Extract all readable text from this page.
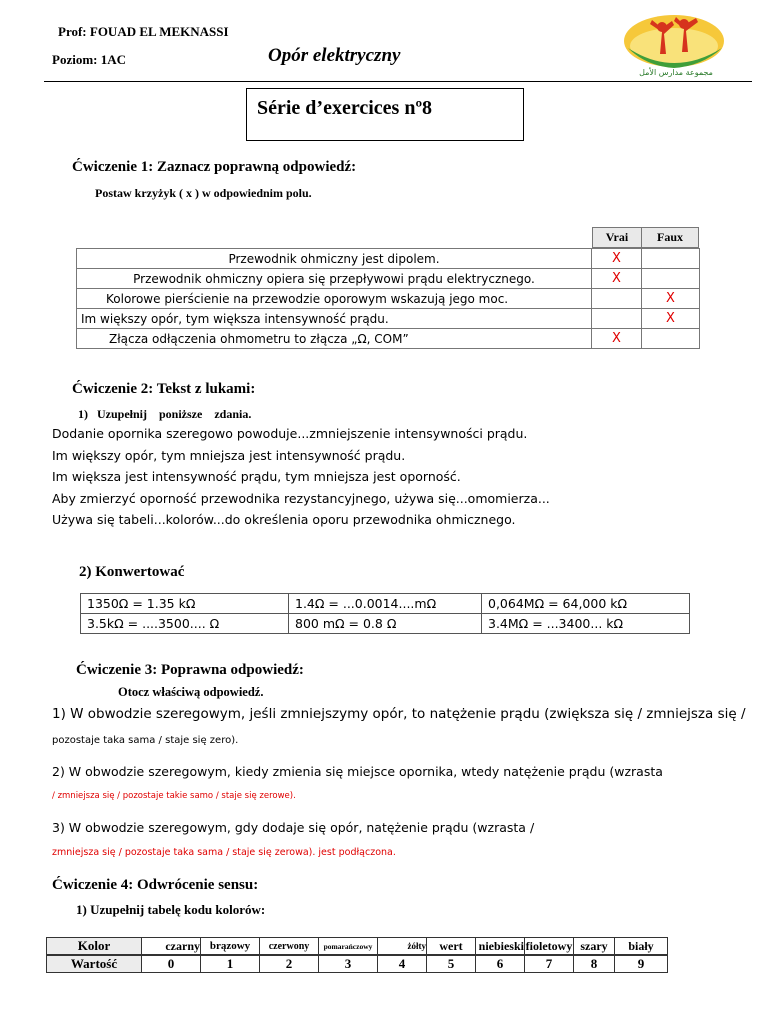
Prof: FOUAD EL MEKNASSI
Poziom: 1AC	Opór elektryczny
مجموعة مدارس الأمل
Série d’exercices nº8
Ćwiczenie 1: Zaznacz poprawną odpowiedź:
Postaw krzyżyk ( x ) w odpowiednim polu.
Vrai	Faux
Przewodnik ohmiczny jest dipolem.	X	
Przewodnik ohmiczny opiera się przepływowi prądu elektrycznego.	X	
Kolorowe pierścienie na przewodzie oporowym wskazują jego moc.		X
Im większy opór, tym większa intensywność prądu.		X
Złącza odłączenia ohmometru to złącza „Ω, COM”	X	
Ćwiczenie 2: Tekst z lukami:
1)   Uzupełnij    poniższe    zdania.
Dodanie opornika szeregowo powoduje...zmniejszenie intensywności prądu.
Im większy opór, tym mniejsza jest intensywność prądu.
Im większa jest intensywność prądu, tym mniejsza jest oporność.
Aby zmierzyć oporność przewodnika rezystancyjnego, używa się...omomierza...
Używa się tabeli...kolorów...do określenia oporu przewodnika ohmicznego.
2) Konwertować
1350Ω = 1.35 kΩ	1.4Ω = ...0.0014....mΩ	0,064MΩ = 64,000 kΩ
3.5kΩ = ....3500.... Ω	800 mΩ = 0.8 Ω	3.4MΩ = ...3400... kΩ
Ćwiczenie 3: Poprawna odpowiedź:
Otocz właściwą odpowiedź.
1) W obwodzie szeregowym, jeśli zmniejszymy opór, to natężenie prądu (zwiększa się / zmniejsza się /
pozostaje taka sama / staje się zero).
2) W obwodzie szeregowym, kiedy zmienia się miejsce opornika, wtedy natężenie prądu (wzrasta
/ zmniejsza się / pozostaje takie samo / staje się zerowe).
3) W obwodzie szeregowym, gdy dodaje się opór, natężenie prądu (wzrasta /
zmniejsza się / pozostaje taka sama / staje się zerowa). jest podłączona.
Ćwiczenie 4: Odwrócenie sensu:
1) Uzupełnij tabelę kodu kolorów:
Kolor	czarny	brązowy	czerwony	pomarańczowy	żółty	wert	niebieski	fioletowy	szary	biały
Wartość	0	1	2	3	4	5	6	7	8	9
